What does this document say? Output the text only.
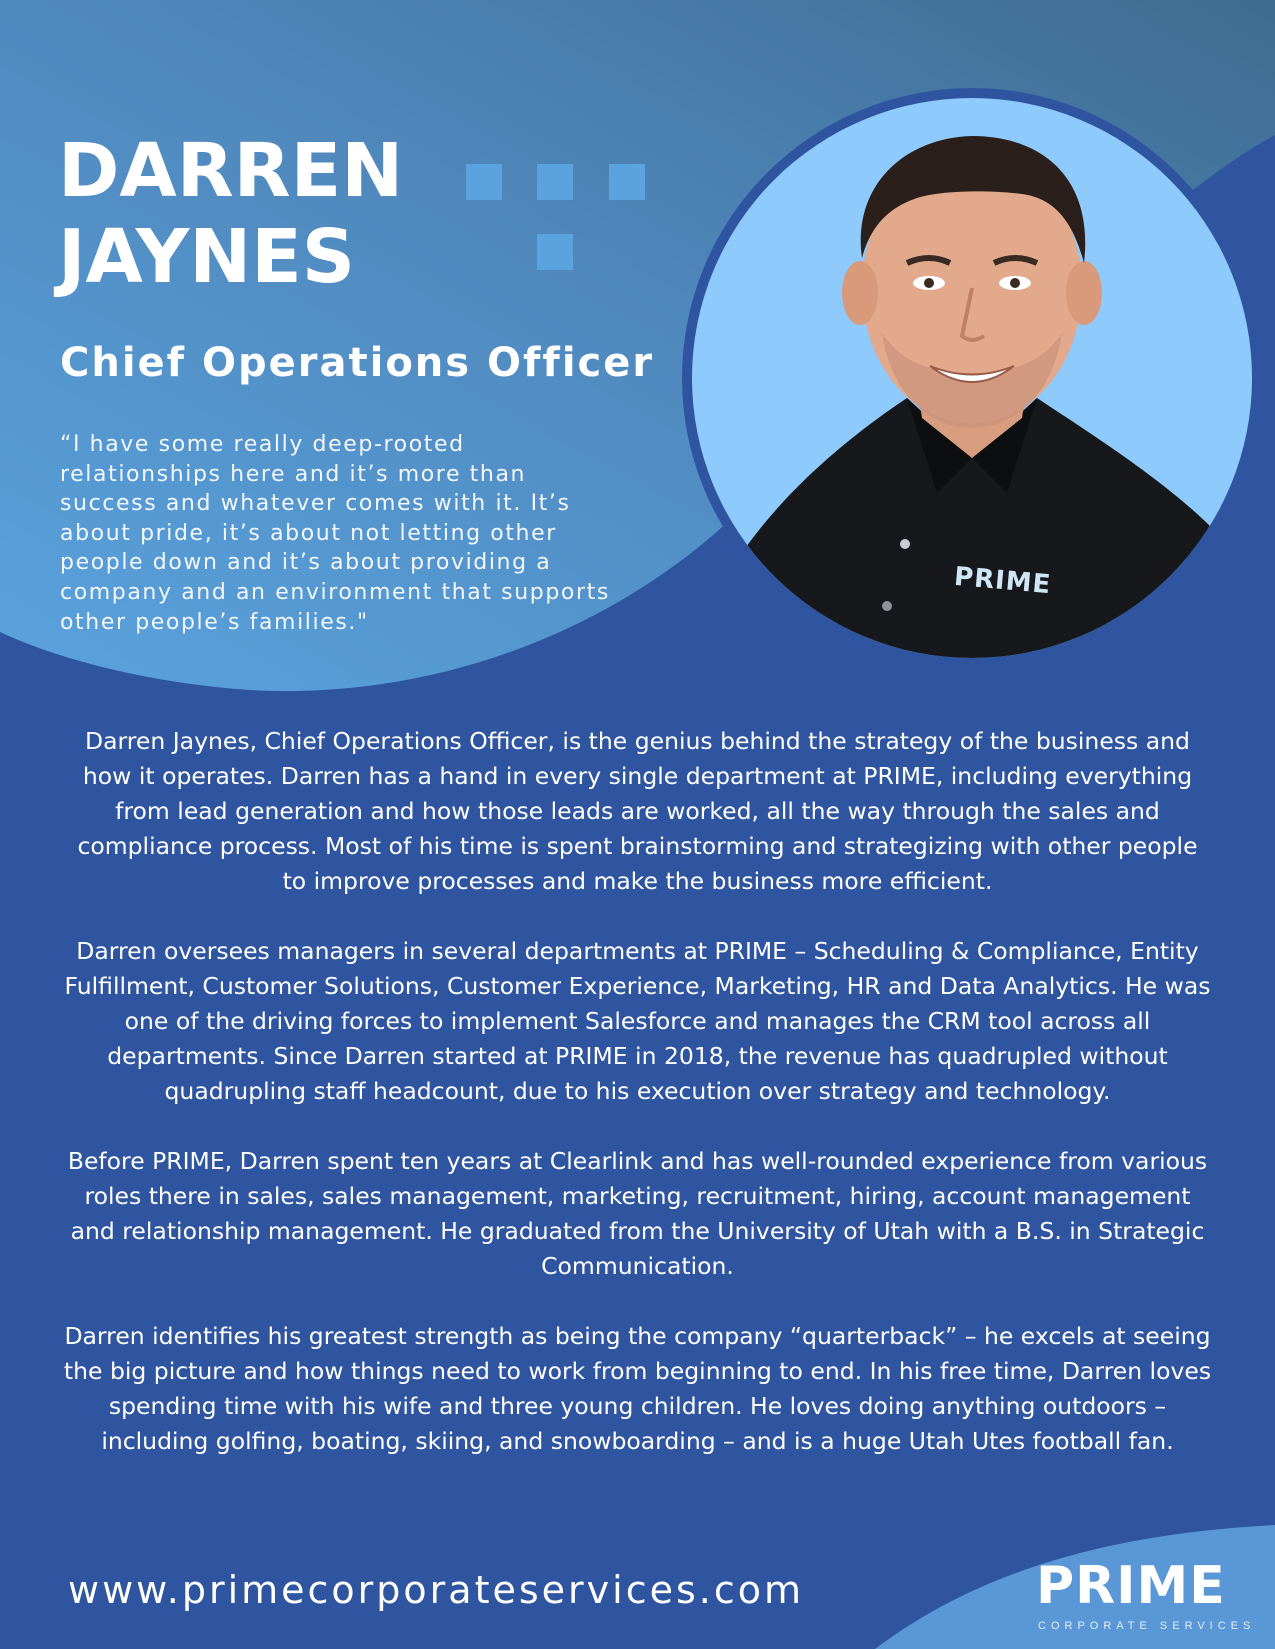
DARREN
JAYNES
Chief Operations Officer

“I have some really deep-rooted relationships here and it’s more than success and whatever comes with it. It’s about pride, it’s about not letting other people down and it’s about providing a company and an environment that supports other people’s families."

PRIME

Darren Jaynes, Chief Operations Officer, is the genius behind the strategy of the business and how it operates. Darren has a hand in every single department at PRIME, including everything from lead generation and how those leads are worked, all the way through the sales and compliance process. Most of his time is spent brainstorming and strategizing with other people to improve processes and make the business more efficient.

Darren oversees managers in several departments at PRIME – Scheduling & Compliance, Entity Fulfillment, Customer Solutions, Customer Experience, Marketing, HR and Data Analytics. He was one of the driving forces to implement Salesforce and manages the CRM tool across all departments. Since Darren started at PRIME in 2018, the revenue has quadrupled without quadrupling staff headcount, due to his execution over strategy and technology.

Before PRIME, Darren spent ten years at Clearlink and has well-rounded experience from various roles there in sales, sales management, marketing, recruitment, hiring, account management and relationship management. He graduated from the University of Utah with a B.S. in Strategic Communication.

Darren identifies his greatest strength as being the company “quarterback” – he excels at seeing the big picture and how things need to work from beginning to end. In his free time, Darren loves spending time with his wife and three young children. He loves doing anything outdoors – including golfing, boating, skiing, and snowboarding – and is a huge Utah Utes football fan.

www.primecorporateservices.com	PRIME
CORPORATE SERVICES
